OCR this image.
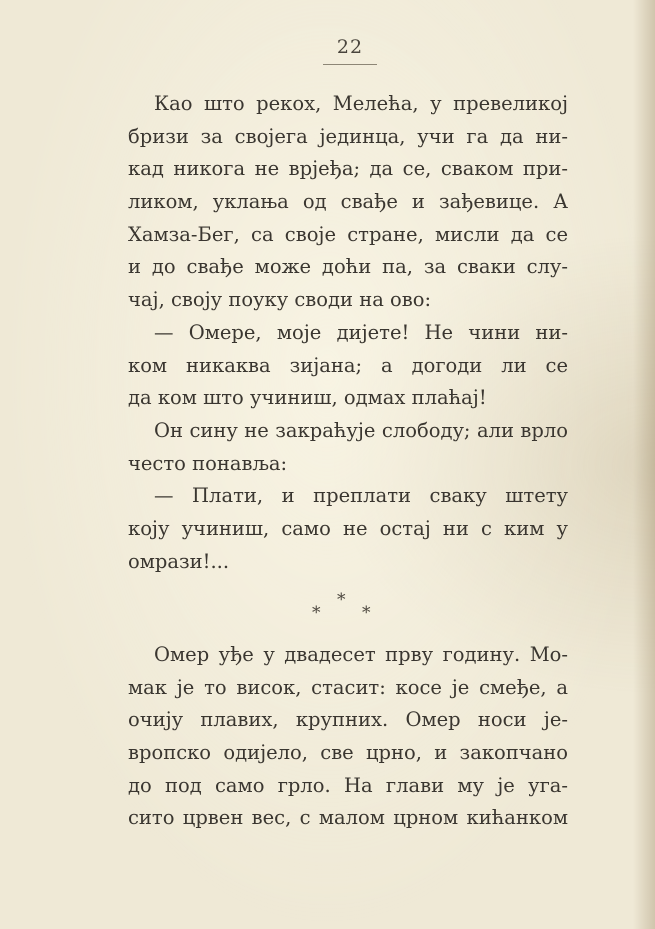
22
Као што рекох, Мелећа, у превеликој
бризи за својега јединца, учи га да ни-
кад никога не врјеђа; да се, сваком при-
ликом, уклања од свађе и зађевице. А
Хамза-Бег, са своје стране, мисли да се
и до свађе може доћи па, за сваки слу-
чај, своју поуку своди на ово:
— Омере, моје дијете! Не чини ни-
ком никаква зијана; а догоди ли се
да ком што учиниш, одмах плаћај!
Он сину не закраћује слободу; али врло
често понавља:
— Плати, и преплати сваку штету
коју учиниш, само не остај ни с ким у
омрази!...
*
* *
Омер уђе у двадесет прву годину. Мо-
мак је то висок, стасит: косе је смеђе, а
очију плавих, крупних. Омер носи је-
вропско одијело, све црно, и закопчано
до под само грло. На глави му је уга-
сито црвен вес, с малом црном кићанком
